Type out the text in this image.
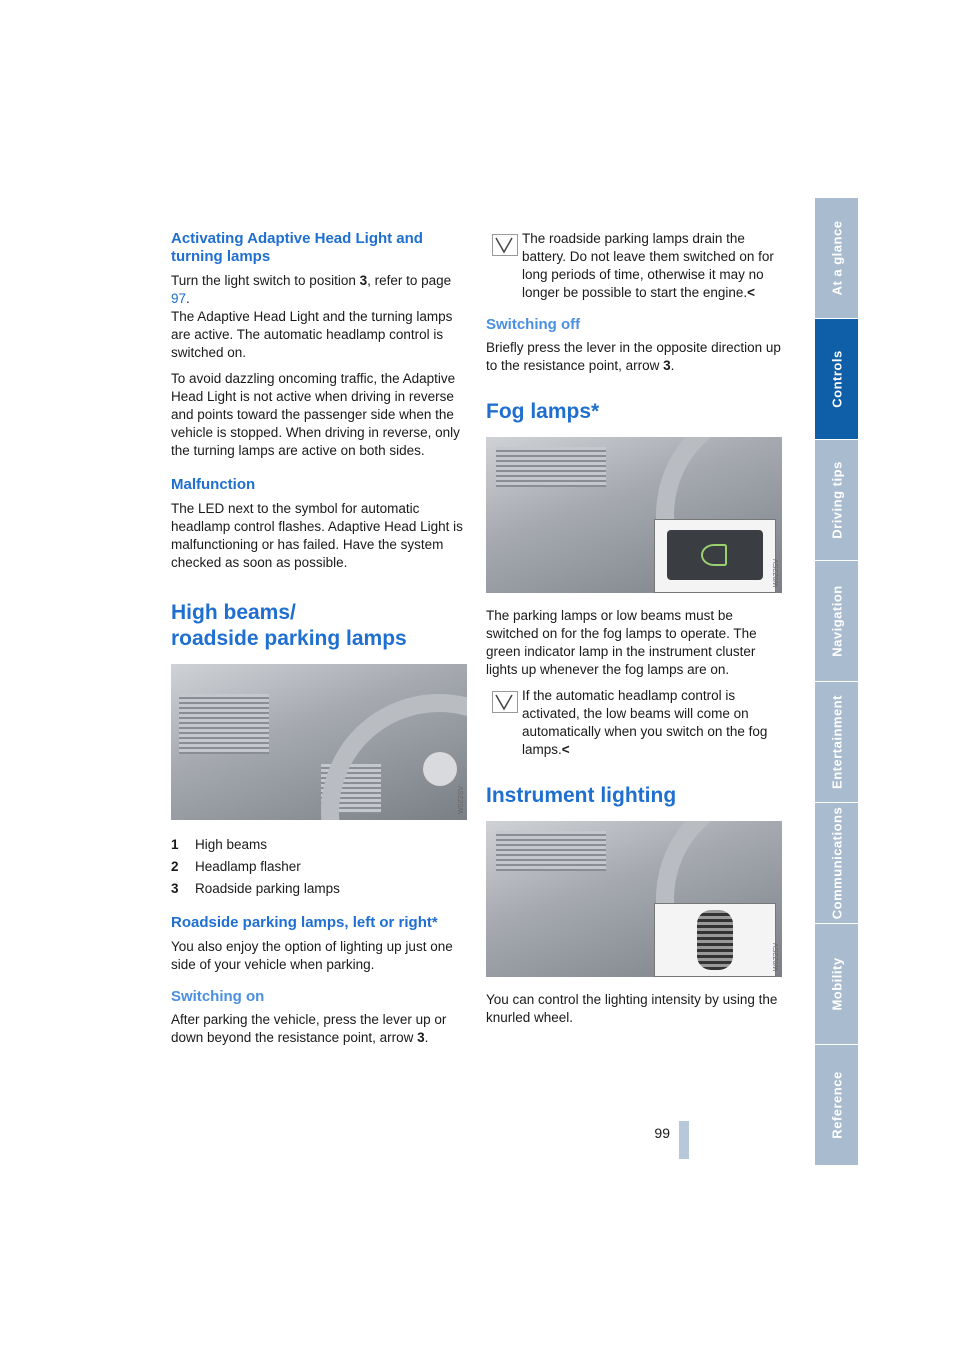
At a glance
Controls
Driving tips
Navigation
Entertainment
Communications
Mobility
Reference
99
Activating Adaptive Head Light and turning lamps

Turn the light switch to position 3, refer to page 97.
The Adaptive Head Light and the turning lamps are active. The automatic headlamp control is switched on.

To avoid dazzling oncoming traffic, the Adaptive Head Light is not active when driving in reverse and points toward the passenger side when the vehicle is stopped. When driving in reverse, only the turning lamps are active on both sides.

Malfunction

The LED next to the symbol for automatic headlamp control flashes. Adaptive Head Light is malfunctioning or has failed. Have the system checked as soon as possible.

High beams/
roadside parking lamps
W0Z2SV
1 High beams
2 Headlamp flasher
3 Roadside parking lamps
Roadside parking lamps, left or right*

You also enjoy the option of lighting up just one side of your vehicle when parking.

Switching on

After parking the vehicle, press the lever up or down beyond the resistance point, arrow 3.

The roadside parking lamps drain the battery. Do not leave them switched on for long periods of time, otherwise it may no longer be possible to start the engine.<

Switching off

Briefly press the lever in the opposite direction up to the resistance point, arrow 3.

Fog lamps*
W0Z2SV

The parking lamps or low beams must be switched on for the fog lamps to operate. The green indicator lamp in the instrument cluster lights up whenever the fog lamps are on.

If the automatic headlamp control is activated, the low beams will come on automatically when you switch on the fog lamps.<

Instrument lighting
W0Z2SV

You can control the lighting intensity by using the knurled wheel.
